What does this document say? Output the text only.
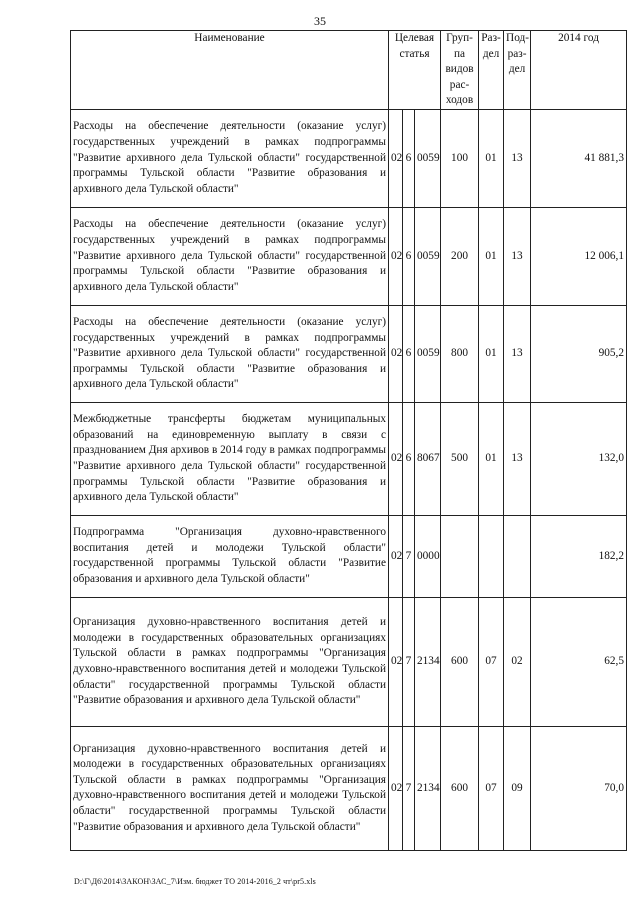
35
Наименование	Целевая статья			Груп-па видов рас-ходов	Раз-дел	Под-раз-дел	2014 год
Расходы на обеспечение деятельности (оказание услуг) государственных учреждений в рамках подпрограммы "Развитие архивного дела Тульской области" государственной программы Тульской области "Развитие образования и архивного дела Тульской области"	02	6	0059	100	01	13	41 881,3
Расходы на обеспечение деятельности (оказание услуг) государственных учреждений в рамках подпрограммы "Развитие архивного дела Тульской области" государственной программы Тульской области "Развитие образования и архивного дела Тульской области"	02	6	0059	200	01	13	12 006,1
Расходы на обеспечение деятельности (оказание услуг) государственных учреждений в рамках подпрограммы "Развитие архивного дела Тульской области" государственной программы Тульской области "Развитие образования и архивного дела Тульской области"	02	6	0059	800	01	13	905,2
Межбюджетные трансферты бюджетам муниципальных образований на единовременную выплату в связи с празднованием Дня архивов в 2014 году в рамках подпрограммы "Развитие архивного дела Тульской области" государственной программы Тульской области "Развитие образования и архивного дела Тульской области"	02	6	8067	500	01	13	132,0
Подпрограмма "Организация духовно-нравственного воспитания детей и молодежи Тульской области" государственной программы Тульской области "Развитие образования и архивного дела Тульской области"	02	7	0000				182,2
Организация духовно-нравственного воспитания детей и молодежи в государственных образовательных организациях Тульской области в рамках подпрограммы "Организация духовно-нравственного воспитания детей и молодежи Тульской области" государственной программы Тульской области "Развитие образования и архивного дела Тульской области"	02	7	2134	600	07	02	62,5
Организация духовно-нравственного воспитания детей и молодежи в государственных образовательных организациях Тульской области в рамках подпрограммы "Организация духовно-нравственного воспитания детей и молодежи Тульской области" государственной программы Тульской области "Развитие образования и архивного дела Тульской области"	02	7	2134	600	07	09	70,0
D:\Г\Д6\2014\ЗАКОН\ЗАС_7\Изм. бюджет ТО 2014-2016_2 чт\pr5.xls
